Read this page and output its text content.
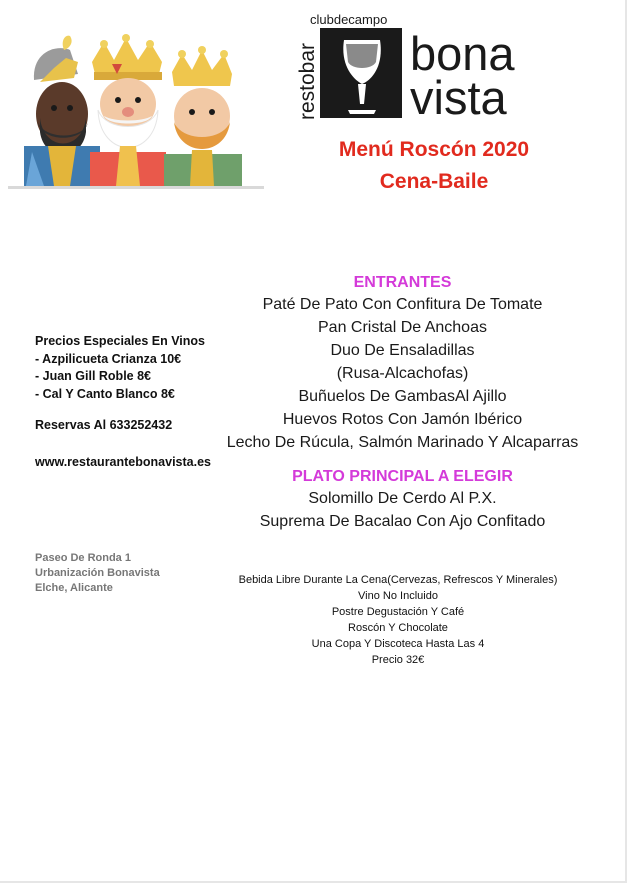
clubdecampo
restobar bona
vista
Menú Roscón 2020
Cena-Baile
ENTRANTES
Paté De Pato Con Confitura De Tomate
Pan Cristal De Anchoas
Duo De Ensaladillas
(Rusa-Alcachofas)
Buñuelos De GambasAl Ajillo
Huevos Rotos Con Jamón Ibérico
Lecho De Rúcula, Salmón Marinado Y Alcaparras
PLATO PRINCIPAL A ELEGIR
Solomillo De Cerdo Al P.X.
Suprema De Bacalao Con Ajo Confitado
Precios Especiales En Vinos
- Azpilicueta Crianza 10€
- Juan Gill Roble 8€
- Cal Y Canto Blanco 8€
Reservas Al 633252432
www.restaurantebonavista.es
Paseo De Ronda 1
Urbanización Bonavista
Elche, Alicante
Bebida Libre Durante La Cena(Cervezas, Refrescos Y Minerales)
Vino No Incluido
Postre Degustación Y Café
Roscón Y Chocolate
Una Copa Y Discoteca Hasta Las 4
Precio 32€
